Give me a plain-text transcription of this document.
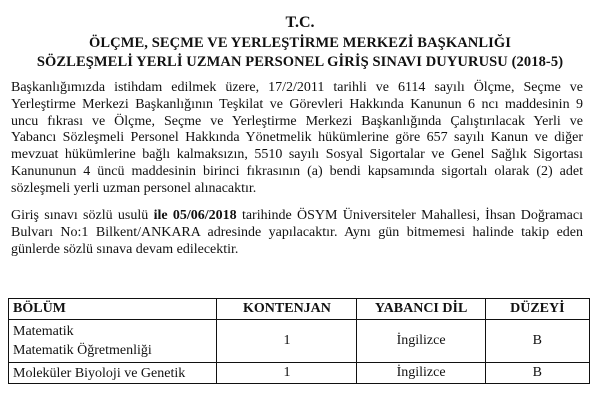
T.C.
ÖLÇME, SEÇME VE YERLEŞTİRME MERKEZİ BAŞKANLIĞI
SÖZLEŞMELİ YERLİ UZMAN PERSONEL GİRİŞ SINAVI DUYURUSU (2018-5)
Başkanlığımızda istihdam edilmek üzere, 17/2/2011 tarihli ve 6114 sayılı Ölçme, Seçme ve
Yerleştirme Merkezi Başkanlığının Teşkilat ve Görevleri Hakkında Kanunun 6 ncı maddesinin 9
uncu fıkrası ve Ölçme, Seçme ve Yerleştirme Merkezi Başkanlığında Çalıştırılacak Yerli ve
Yabancı Sözleşmeli Personel Hakkında Yönetmelik hükümlerine göre 657 sayılı Kanun ve diğer
mevzuat hükümlerine bağlı kalmaksızın, 5510 sayılı Sosyal Sigortalar ve Genel Sağlık Sigortası
Kanununun 4 üncü maddesinin birinci fıkrasının (a) bendi kapsamında sigortalı olarak (2) adet
sözleşmeli yerli uzman personel alınacaktır.
Giriş sınavı sözlü usulü ile 05/06/2018 tarihinde ÖSYM Üniversiteler Mahallesi, İhsan Doğramacı
Bulvarı No:1 Bilkent/ANKARA adresinde yapılacaktır. Aynı gün bitmemesi halinde takip eden
günlerde sözlü sınava devam edilecektir.
BÖLÜM	KONTENJAN	YABANCI DİL	DÜZEYİ

Matematik
Matematik Öğretmenliği	1	İngilizce	B
Moleküler Biyoloji ve Genetik	1	İngilizce	B
